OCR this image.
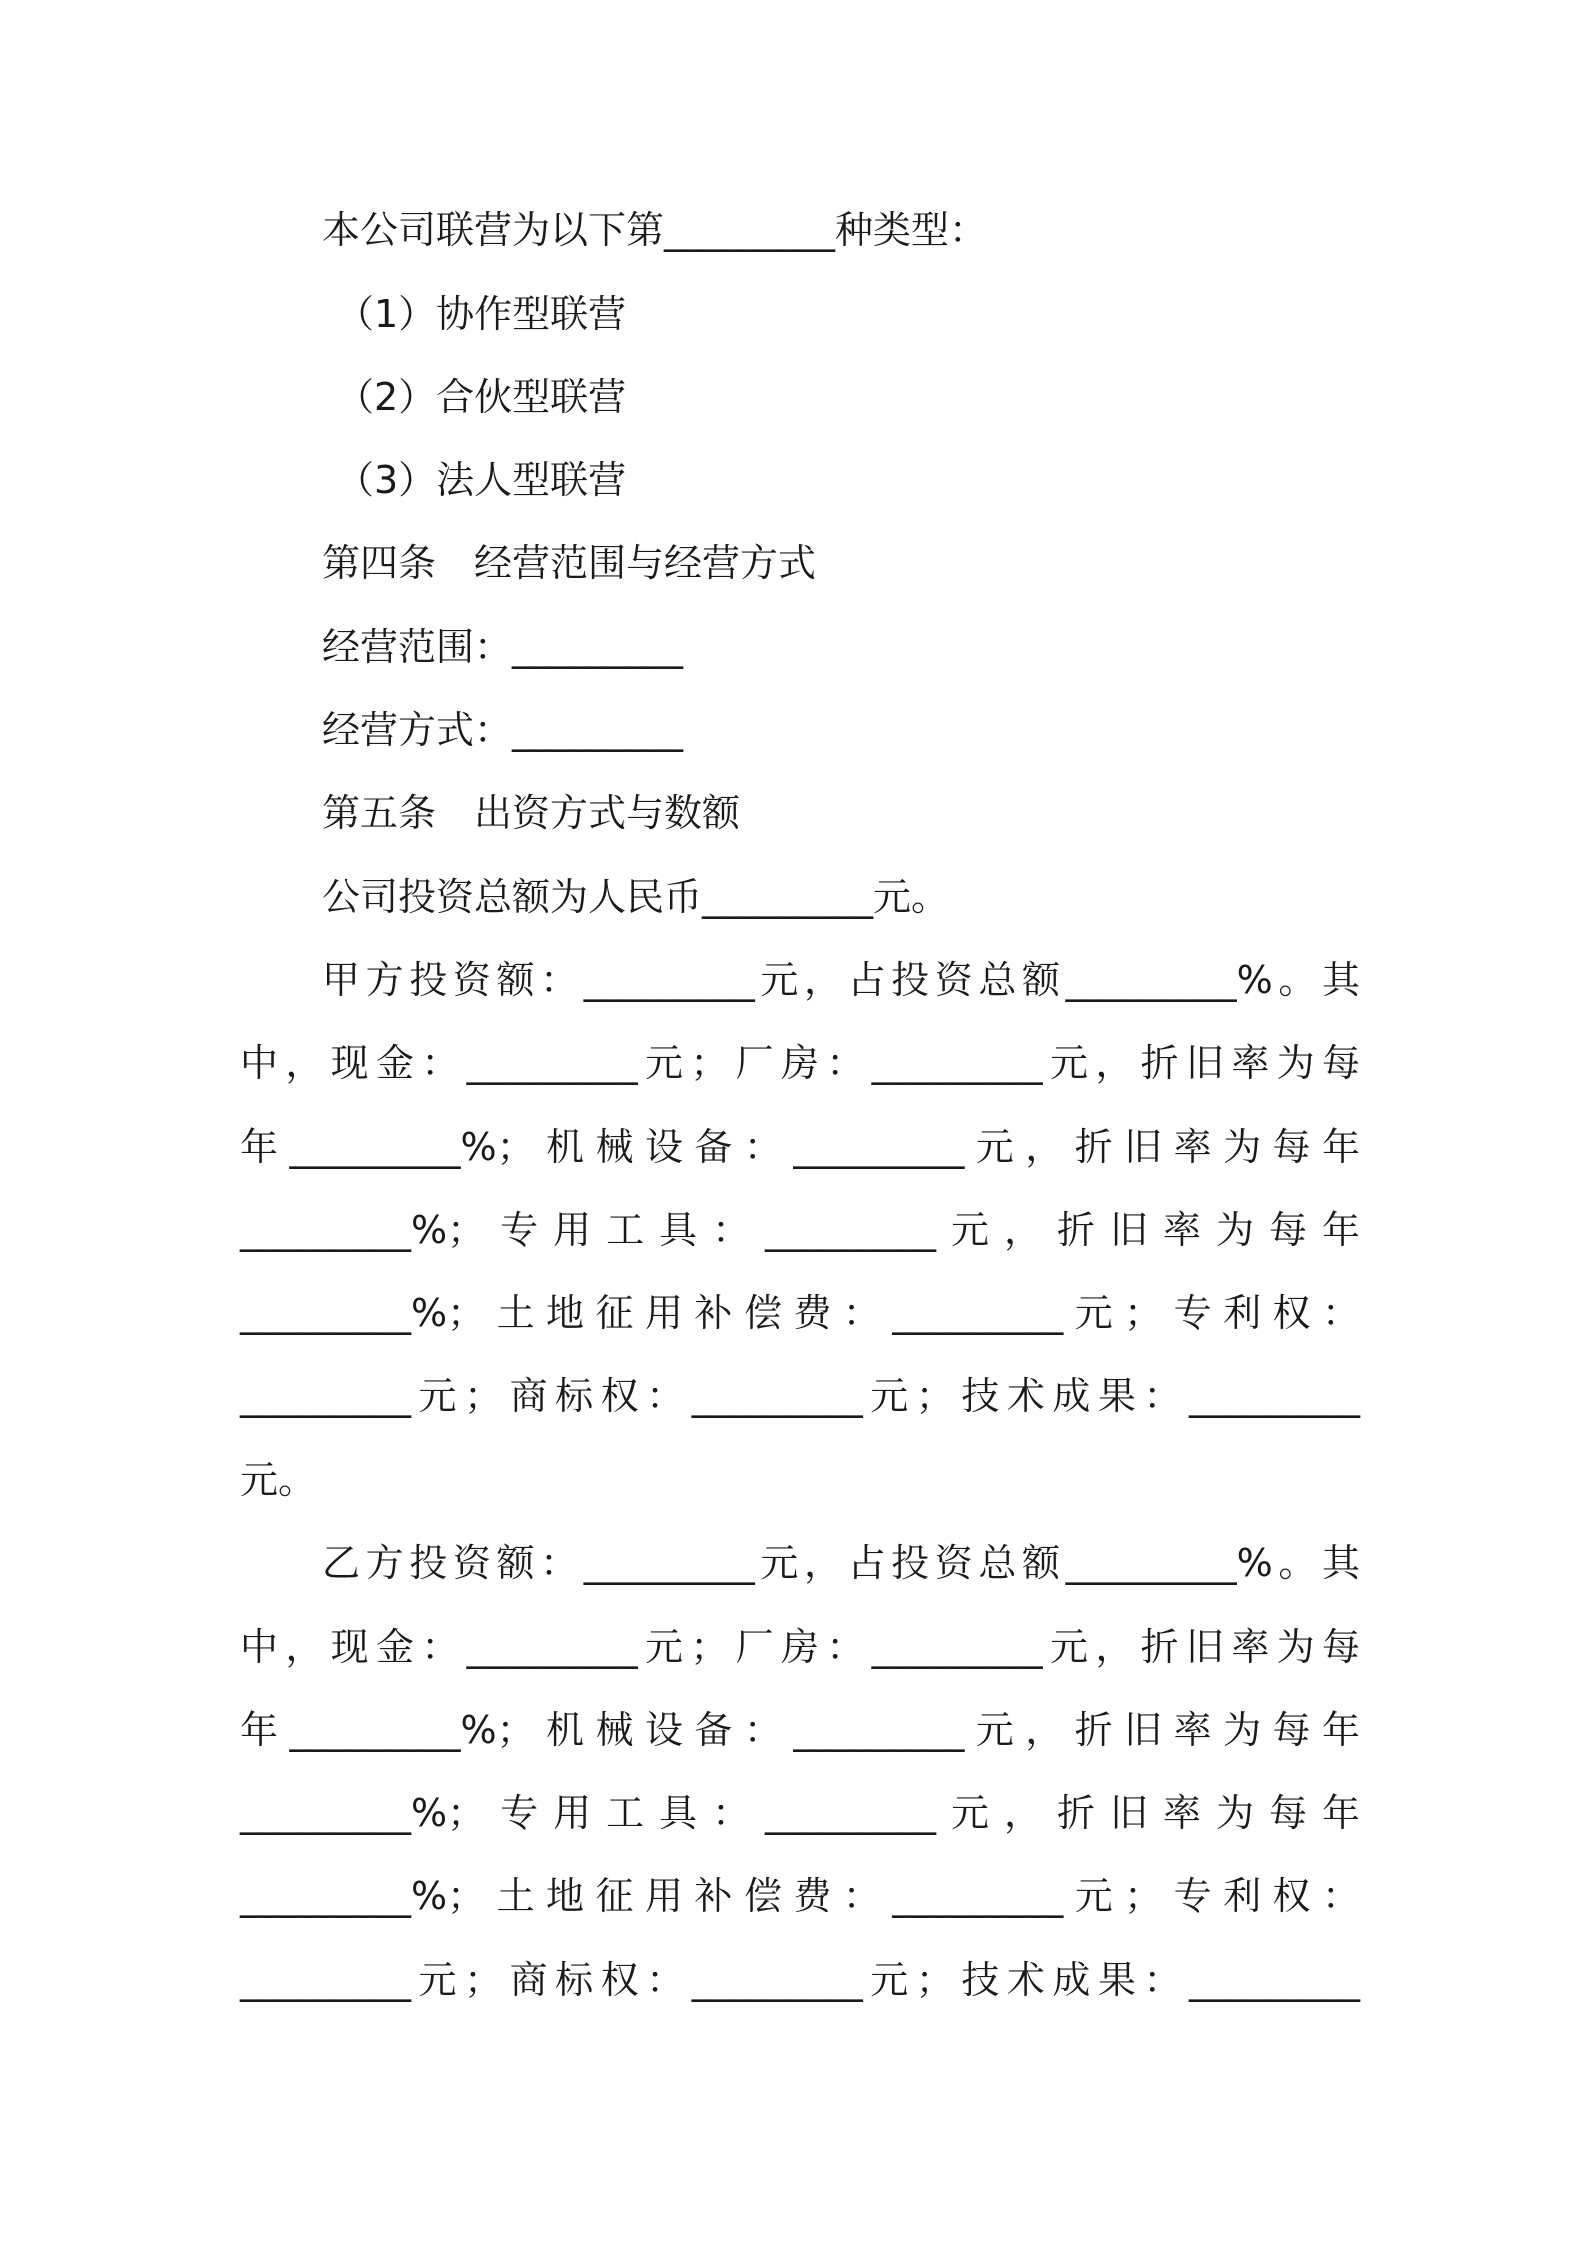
本公司联营为以下第_________种类型：
（1）协作型联营
（2）合伙型联营
（3）法人型联营
第四条　经营范围与经营方式
经营范围：_________
经营方式：_________
第五条　出资方式与数额
公司投资总额为人民币_________元。
甲方投资额：_________元，占投资总额_________%。其
中，现金：_________元；厂房：_________元，折旧率为每
年_________%；机械设备：_________元，折旧率为每年
_________%；专用工具：_________元，折旧率为每年
_________%；土地征用补偿费：_________元；专利权：
_________元；商标权：_________元；技术成果：_________
元。
乙方投资额：_________元，占投资总额_________%。其
中，现金：_________元；厂房：_________元，折旧率为每
年_________%；机械设备：_________元，折旧率为每年
_________%；专用工具：_________元，折旧率为每年
_________%；土地征用补偿费：_________元；专利权：
_________元；商标权：_________元；技术成果：_________
